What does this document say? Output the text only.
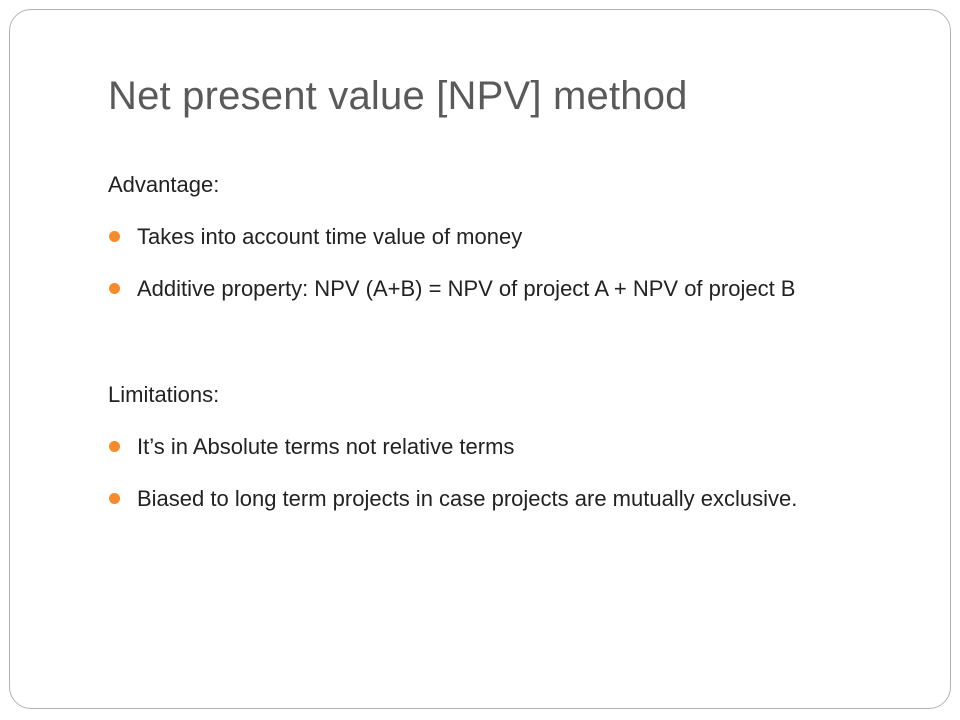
Net present value [NPV] method

Advantage:

Takes into account time value of money
Additive property: NPV (A+B) = NPV of project A + NPV of project B

Limitations:

It’s in Absolute terms not relative terms
Biased to long term projects in case projects are mutually exclusive.
